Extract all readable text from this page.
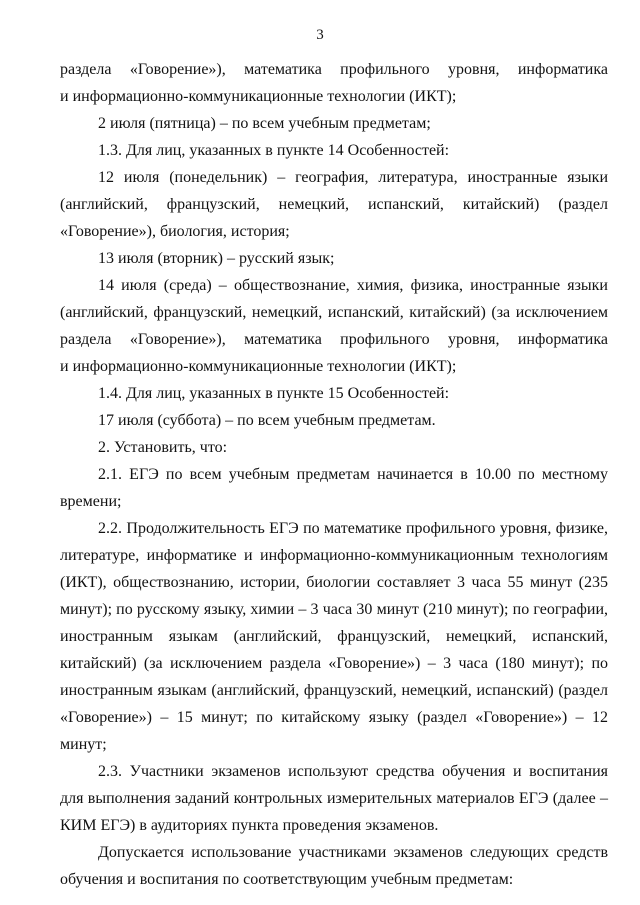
3

раздела «Говорение»), математика профильного уровня, информатика

и информационно-коммуникационные технологии (ИКТ);

2 июля (пятница) – по всем учебным предметам;

1.3. Для лиц, указанных в пункте 14 Особенностей:

12 июля (понедельник) – география, литература, иностранные языки (английский, французский, немецкий, испанский, китайский) (раздел «Говорение»), биология, история;

13 июля (вторник) – русский язык;

14 июля (среда) – обществознание, химия, физика, иностранные языки (английский, французский, немецкий, испанский, китайский) (за исключением раздела «Говорение»), математика профильного уровня, информатика

и информационно-коммуникационные технологии (ИКТ);

1.4. Для лиц, указанных в пункте 15 Особенностей:

17 июля (суббота) – по всем учебным предметам.

2. Установить, что:

2.1. ЕГЭ по всем учебным предметам начинается в 10.00 по местному времени;

2.2. Продолжительность ЕГЭ по математике профильного уровня, физике, литературе, информатике и информационно-коммуникационным технологиям (ИКТ), обществознанию, истории, биологии составляет 3 часа 55 минут (235 минут); по русскому языку, химии – 3 часа 30 минут (210 минут); по географии, иностранным языкам (английский, французский, немецкий, испанский, китайский) (за исключением раздела «Говорение») – 3 часа (180 минут); по иностранным языкам (английский, французский, немецкий, испанский) (раздел «Говорение») – 15 минут; по китайскому языку (раздел «Говорение») – 12 минут;

2.3. Участники экзаменов используют средства обучения и воспитания для выполнения заданий контрольных измерительных материалов ЕГЭ (далее – КИМ ЕГЭ) в аудиториях пункта проведения экзаменов.

Допускается использование участниками экзаменов следующих средств обучения и воспитания по соответствующим учебным предметам:
